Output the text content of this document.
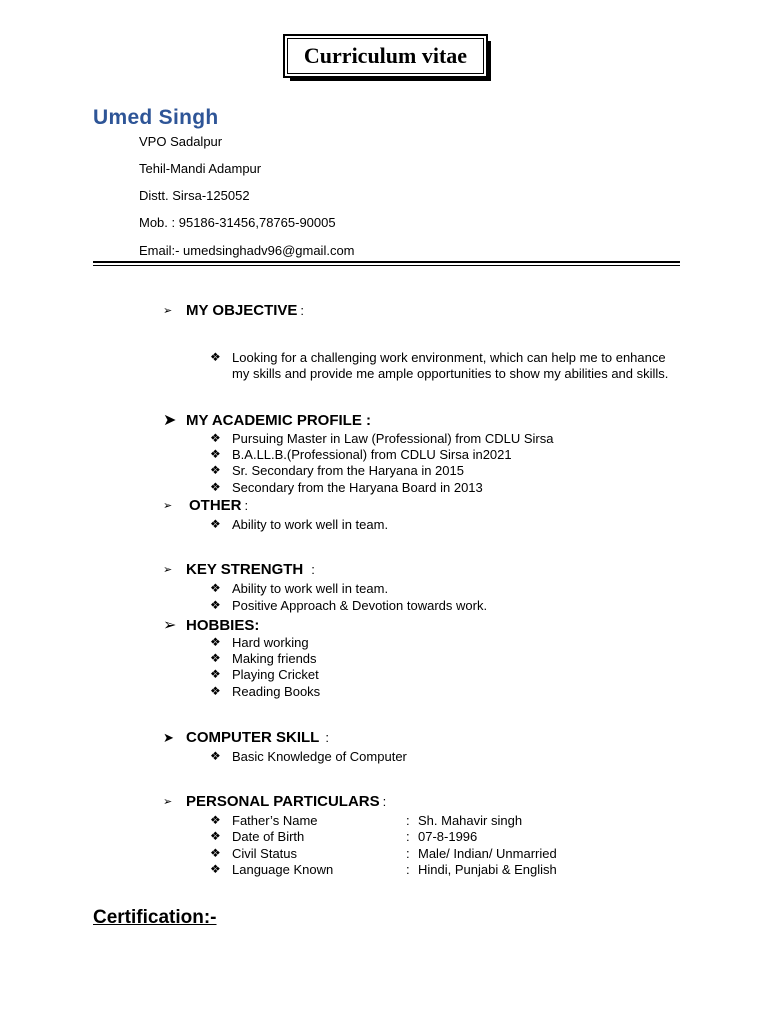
Curriculum vitae
Umed Singh
VPO Sadalpur
Tehil-Mandi Adampur
Distt. Sirsa-125052
Mob. : 95186-31456,78765-90005
Email:- umedsinghadv96@gmail.com
➢ MY OBJECTIVE :
❖ Looking for a challenging work environment, which can help me to enhance my skills and provide me ample opportunities to show my abilities and skills.
➤ MY ACADEMIC PROFILE :
❖ Pursuing Master in Law (Professional) from CDLU Sirsa
❖ B.A.LL.B.(Professional) from CDLU Sirsa in2021
❖ Sr. Secondary from the Haryana in 2015
❖ Secondary from the Haryana Board in 2013
➢	OTHER :
❖ Ability to work well in team.
➢ KEY STRENGTH :
❖ Ability to work well in team.
❖ Positive Approach & Devotion towards work.
➢ HOBBIES:
❖ Hard working
❖ Making friends
❖ Playing Cricket
❖ Reading Books
➤ COMPUTER SKILL :
❖ Basic Knowledge of Computer
➢ PERSONAL PARTICULARS :
❖ Father’s Name	: Sh. Mahavir singh
❖ Date of Birth	: 07-8-1996
❖ Civil Status	: Male/ Indian/ Unmarried
❖ Language Known	: Hindi, Punjabi & English
Certification:-
